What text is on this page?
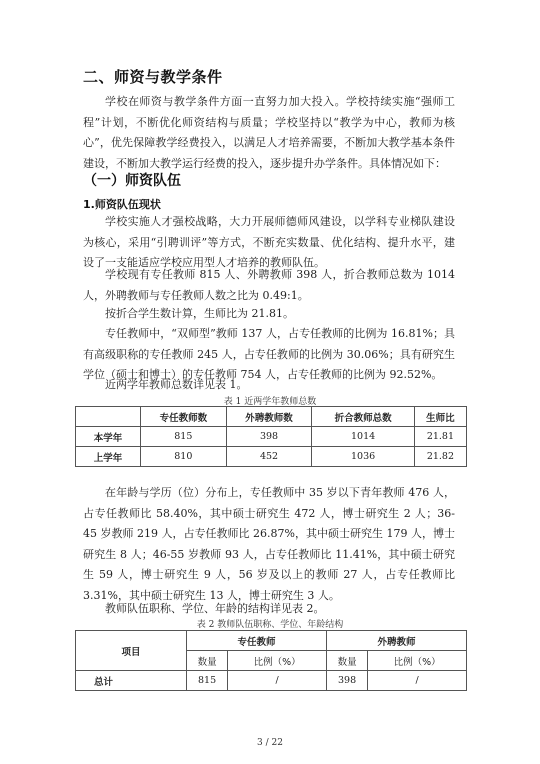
二、师资与教学条件

学校在师资与教学条件方面一直努力加大投入。学校持续实施“强师工程”计划，不断优化师资结构与质量；学校坚持以“教学为中心，教师为核心”，优先保障教学经费投入，以满足人才培养需要，不断加大教学基本条件建设，不断加大教学运行经费的投入，逐步提升办学条件。具体情况如下：

（一）师资队伍
1.师资队伍现状

学校实施人才强校战略，大力开展师德师风建设，以学科专业梯队建设为核心，采用“引聘训评”等方式，不断充实数量、优化结构、提升水平，建设了一支能适应学校应用型人才培养的教师队伍。

学校现有专任教师 815 人、外聘教师 398 人，折合教师总数为 1014 人，外聘教师与专任教师人数之比为 0.49:1。

按折合学生数计算，生师比为 21.81。

专任教师中，“双师型”教师 137 人，占专任教师的比例为 16.81%；具有高级职称的专任教师 245 人，占专任教师的比例为 30.06%；具有研究生学位（硕士和博士）的专任教师 754 人，占专任教师的比例为 92.52%。

近两学年教师总数详见表 1。

表 1 近两学年教师总数
	专任教师数	外聘教师数	折合教师总数	生师比
本学年	815	398	1014	21.81
上学年	810	452	1036	21.82

在年龄与学历（位）分布上，专任教师中 35 岁以下青年教师 476 人，占专任教师比 58.40%，其中硕士研究生 472 人，博士研究生 2 人；36-45 岁教师 219 人，占专任教师比 26.87%，其中硕士研究生 179 人，博士研究生 8 人；46-55 岁教师 93 人，占专任教师比 11.41%，其中硕士研究生 59 人，博士研究生 9 人，56 岁及以上的教师 27 人，占专任教师比 3.31%，其中硕士研究生 13 人，博士研究生 3 人。

教师队伍职称、学位、年龄的结构详见表 2。

表 2 教师队伍职称、学位、年龄结构
项目	专任教师		外聘教师	
	数量	比例（%）	数量	比例（%）
总计	815	/	398	/
3 / 22
